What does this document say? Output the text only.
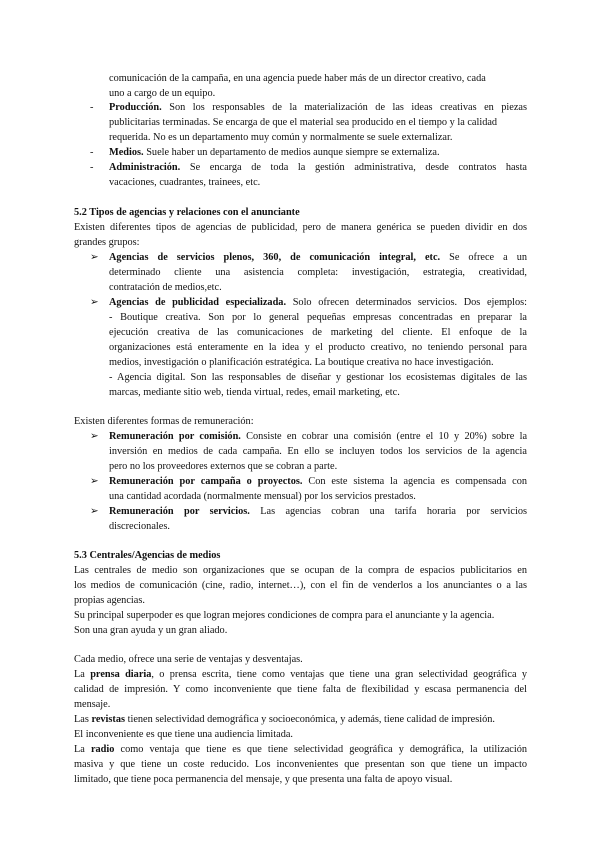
comunicación de la campaña, en una agencia puede haber más de un director creativo, cada
uno a cargo de un equipo.
- Producción. Son los responsables de la materialización de las ideas creativas en piezas
publicitarias terminadas. Se encarga de que el material sea producido en el tiempo y la calidad
requerida. No es un departamento muy común y normalmente se suele externalizar.
- Medios. Suele haber un departamento de medios aunque siempre se externaliza.
- Administración. Se encarga de toda la gestión administrativa, desde contratos hasta
vacaciones, cuadrantes, trainees, etc.
5.2 Tipos de agencias y relaciones con el anunciante
Existen diferentes tipos de agencias de publicidad, pero de manera genérica se pueden dividir en dos
grandes grupos:
➢ Agencias de servicios plenos, 360, de comunicación integral, etc. Se ofrece a un
determinado cliente una asistencia completa: investigación, estrategia, creatividad,
contratación de medios,etc.
➢ Agencias de publicidad especializada. Solo ofrecen determinados servicios. Dos ejemplos:
- Boutique creativa. Son por lo general pequeñas empresas concentradas en preparar la
ejecución creativa de las comunicaciones de marketing del cliente. El enfoque de la
organizaciones está enteramente en la idea y el producto creativo, no teniendo personal para
medios, investigación o planificación estratégica. La boutique creativa no hace investigación.
- Agencia digital. Son las responsables de diseñar y gestionar los ecosistemas digitales de las
marcas, mediante sitio web, tienda virtual, redes, email marketing, etc.
Existen diferentes formas de remuneración:
➢ Remuneración por comisión. Consiste en cobrar una comisión (entre el 10 y 20%) sobre la
inversión en medios de cada campaña. En ello se incluyen todos los servicios de la agencia
pero no los proveedores externos que se cobran a parte.
➢ Remuneración por campaña o proyectos. Con este sistema la agencia es compensada con
una cantidad acordada (normalmente mensual) por los servicios prestados.
➢ Remuneración por servicios. Las agencias cobran una tarifa horaria por servicios
discrecionales.
5.3 Centrales/Agencias de medios
Las centrales de medio son organizaciones que se ocupan de la compra de espacios publicitarios en
los medios de comunicación (cine, radio, internet…), con el fin de venderlos a los anunciantes o a las
propias agencias.
Su principal superpoder es que logran mejores condiciones de compra para el anunciante y la agencia.
Son una gran ayuda y un gran aliado.
Cada medio, ofrece una serie de ventajas y desventajas.
La prensa diaria, o prensa escrita, tiene como ventajas que tiene una gran selectividad geográfica y
calidad de impresión. Y como inconveniente que tiene falta de flexibilidad y escasa permanencia del
mensaje.
Las revistas tienen selectividad demográfica y socioeconómica, y además, tiene calidad de impresión.
El inconveniente es que tiene una audiencia limitada.
La radio como ventaja que tiene es que tiene selectividad geográfica y demográfica, la utilización
masiva y que tiene un coste reducido. Los inconvenientes que presentan son que tiene un impacto
limitado, que tiene poca permanencia del mensaje, y que presenta una falta de apoyo visual.
